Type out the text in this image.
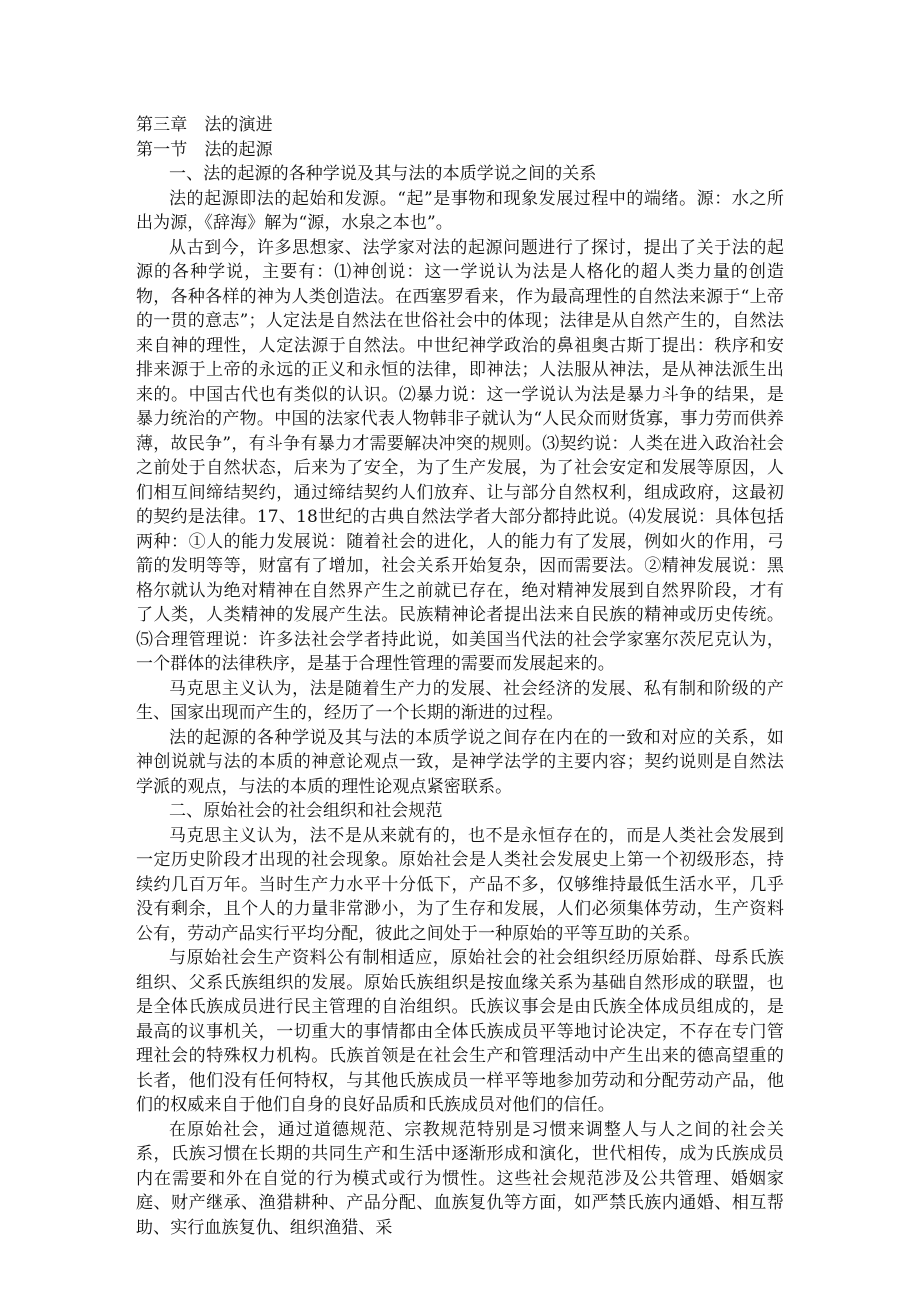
第三章 法的演进

第一节 法的起源

一、法的起源的各种学说及其与法的本质学说之间的关系

法的起源即法的起始和发源。“起”是事物和现象发展过程中的端绪。源：水之所出为源，《辞海》解为“源，水泉之本也”。

从古到今，许多思想家、法学家对法的起源问题进行了探讨，提出了关于法的起源的各种学说，主要有：⑴神创说：这一学说认为法是人格化的超人类力量的创造物，各种各样的神为人类创造法。在西塞罗看来，作为最高理性的自然法来源于“上帝的一贯的意志”；人定法是自然法在世俗社会中的体现；法律是从自然产生的，自然法来自神的理性，人定法源于自然法。中世纪神学政治的鼻祖奥古斯丁提出：秩序和安排来源于上帝的永远的正义和永恒的法律，即神法；人法服从神法，是从神法派生出来的。中国古代也有类似的认识。⑵暴力说：这一学说认为法是暴力斗争的结果，是暴力统治的产物。中国的法家代表人物韩非子就认为“人民众而财货寡，事力劳而供养薄，故民争”，有斗争有暴力才需要解决冲突的规则。⑶契约说：人类在进入政治社会之前处于自然状态，后来为了安全，为了生产发展，为了社会安定和发展等原因，人们相互间缔结契约，通过缔结契约人们放弃、让与部分自然权利，组成政府，这最初的契约是法律。17、18世纪的古典自然法学者大部分都持此说。⑷发展说：具体包括两种：①人的能力发展说：随着社会的进化，人的能力有了发展，例如火的作用，弓箭的发明等等，财富有了增加，社会关系开始复杂，因而需要法。②精神发展说：黑格尔就认为绝对精神在自然界产生之前就已存在，绝对精神发展到自然界阶段，才有了人类，人类精神的发展产生法。民族精神论者提出法来自民族的精神或历史传统。⑸合理管理说：许多法社会学者持此说，如美国当代法的社会学家塞尔茨尼克认为，一个群体的法律秩序，是基于合理性管理的需要而发展起来的。

马克思主义认为，法是随着生产力的发展、社会经济的发展、私有制和阶级的产生、国家出现而产生的，经历了一个长期的渐进的过程。

法的起源的各种学说及其与法的本质学说之间存在内在的一致和对应的关系，如神创说就与法的本质的神意论观点一致，是神学法学的主要内容；契约说则是自然法学派的观点，与法的本质的理性论观点紧密联系。

二、原始社会的社会组织和社会规范

马克思主义认为，法不是从来就有的，也不是永恒存在的，而是人类社会发展到一定历史阶段才出现的社会现象。原始社会是人类社会发展史上第一个初级形态，持续约几百万年。当时生产力水平十分低下，产品不多，仅够维持最低生活水平，几乎没有剩余，且个人的力量非常渺小，为了生存和发展，人们必须集体劳动，生产资料公有，劳动产品实行平均分配，彼此之间处于一种原始的平等互助的关系。

与原始社会生产资料公有制相适应，原始社会的社会组织经历原始群、母系氏族组织、父系氏族组织的发展。原始氏族组织是按血缘关系为基础自然形成的联盟，也是全体氏族成员进行民主管理的自治组织。氏族议事会是由氏族全体成员组成的，是最高的议事机关，一切重大的事情都由全体氏族成员平等地讨论决定，不存在专门管理社会的特殊权力机构。氏族首领是在社会生产和管理活动中产生出来的德高望重的长者，他们没有任何特权，与其他氏族成员一样平等地参加劳动和分配劳动产品，他们的权威来自于他们自身的良好品质和氏族成员对他们的信任。

在原始社会，通过道德规范、宗教规范特别是习惯来调整人与人之间的社会关系，氏族习惯在长期的共同生产和生活中逐渐形成和演化，世代相传，成为氏族成员内在需要和外在自觉的行为模式或行为惯性。这些社会规范涉及公共管理、婚姻家庭、财产继承、渔猎耕种、产品分配、血族复仇等方面，如严禁氏族内通婚、相互帮助、实行血族复仇、组织渔猎、采
